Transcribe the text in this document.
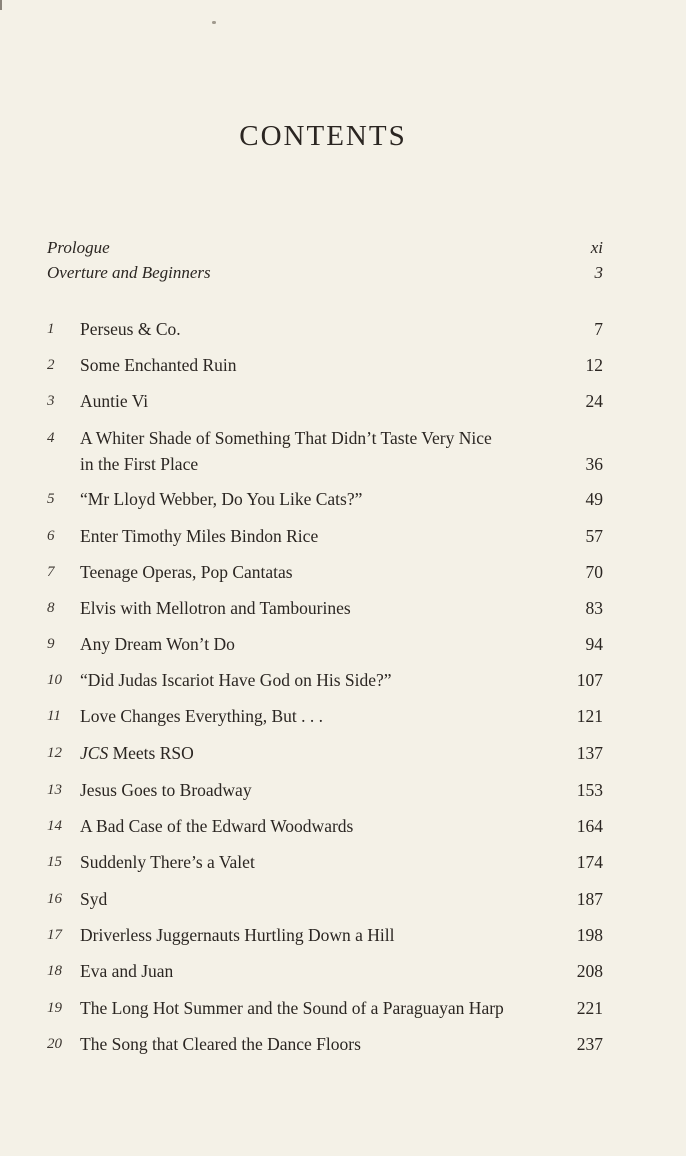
CONTENTS
Prologue	xi
Overture and Beginners	3
1 Perseus & Co.	7
2 Some Enchanted Ruin	12
3 Auntie Vi	24
4 A Whiter Shade of Something That Didn’t Taste Very Nice
in the First Place	36
5 “Mr Lloyd Webber, Do You Like Cats?”	49
6 Enter Timothy Miles Bindon Rice	57
7 Teenage Operas, Pop Cantatas	70
8 Elvis with Mellotron and Tambourines	83
9 Any Dream Won’t Do	94
10 “Did Judas Iscariot Have God on His Side?”	107
11 Love Changes Everything, But . . .	121
12 JCS Meets RSO	137
13 Jesus Goes to Broadway	153
14 A Bad Case of the Edward Woodwards	164
15 Suddenly There’s a Valet	174
16 Syd	187
17 Driverless Juggernauts Hurtling Down a Hill	198
18 Eva and Juan	208
19 The Long Hot Summer and the Sound of a Paraguayan Harp	221
20 The Song that Cleared the Dance Floors	237
